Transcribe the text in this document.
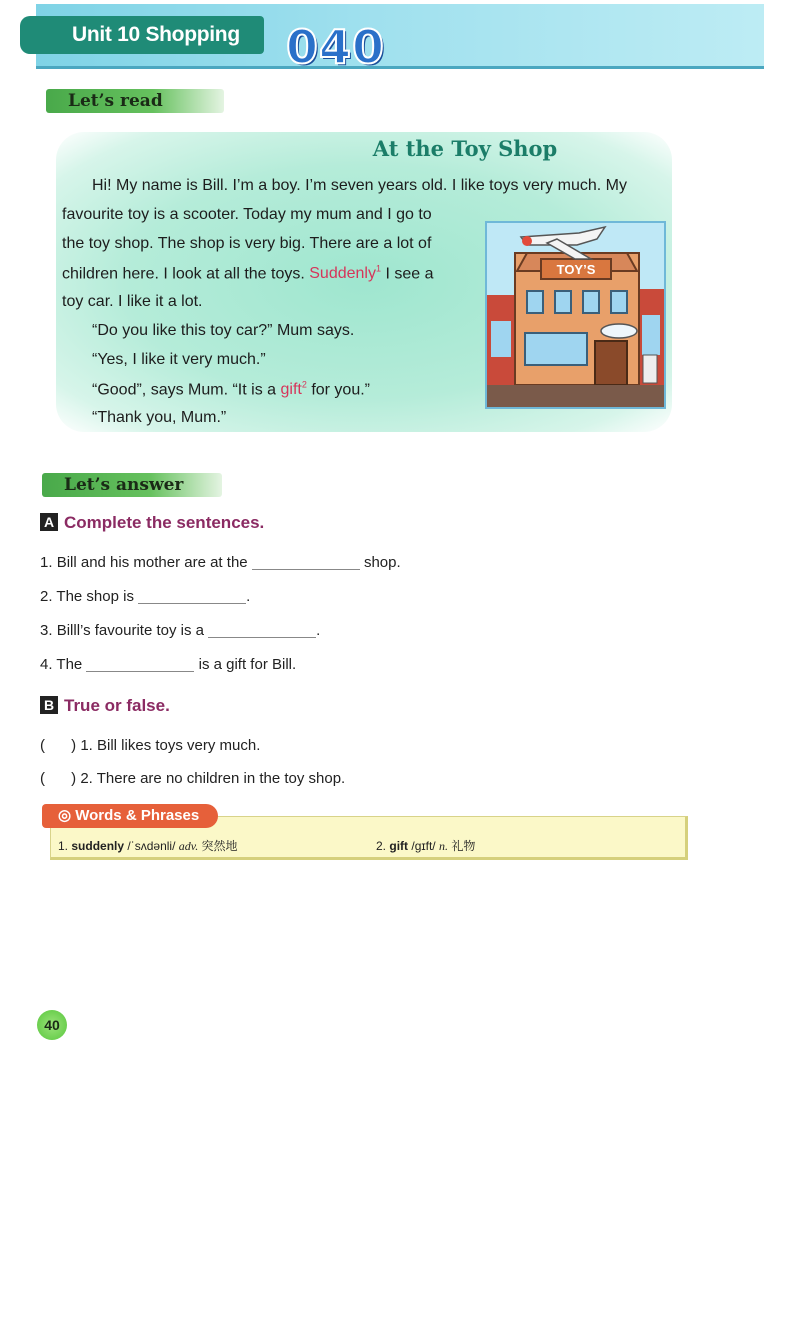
Unit 10 Shopping	040
Let’s read
At the Toy Shop
Hi! My name is Bill. I’m a boy. I’m seven years old. I like toys very much. My
favourite toy is a scooter. Today my mum and I go to
the toy shop. The shop is very big. There are a lot of
children here. I look at all the toys. Suddenly$^1$ I see a
toy car. I like it a lot.
“Do you like this toy car?” Mum says.
“Yes, I like it very much.”
“Good”, says Mum. “It is a gift$^2$ for you.”
“Thank you, Mum.”
TOY’S
Let’s answer
A Complete the sentences.
1. Bill and his mother are at the	shop.
2. The shop is	.
3. Billl’s favourite toy is a	.
4. The	is a gift for Bill.
B True or false.
( ) 1. Bill likes toys very much.
( ) 2. There are no children in the toy shop.
◎ Words & Phrases
1. suddenly /ˈsʌdənli/ adv. 突然地	2. gift /ɡɪft/ n. 礼物
40
